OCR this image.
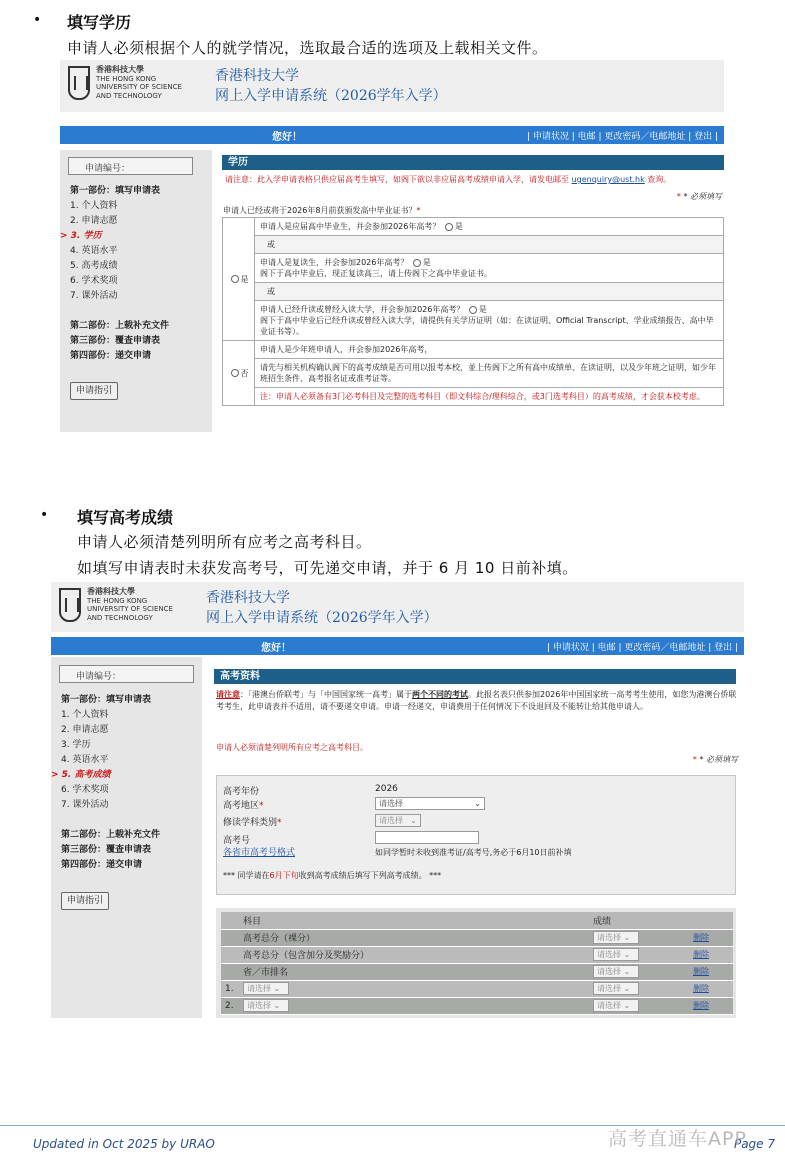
• 填写学历
申请人必须根据个人的就学情况，选取最合适的选项及上载相关文件。
香港科技大學
THE HONG KONG
UNIVERSITY OF SCIENCE
AND TECHNOLOGY
香港科技大学
网上入学申请系统（2026学年入学）
您好！	| 申请状况 | 电邮 | 更改密码／电邮地址 | 登出 |
申请编号：
第一部份：填写申请表
1. 个人资料
2. 申请志愿
> 3. 学历
4. 英语水平
5. 高考成绩
6. 学术奖项
7. 课外活动
第二部份：上载补充文件
第三部份：覆查申请表
第四部份：递交申请
申请指引
学历
请注意：此入学申请表格只供应届高考生填写，如阁下欲以非应届高考成绩申请入学，请发电邮至 ugenquiry@ust.hk 查询。
* * 必须填写
申请人已经或将于2026年8月前获颁发高中毕业证书？*
是	申请人是应届高中毕业生，并会参加2026年高考？ 是
	或
	申请人是复读生，并会参加2026年高考？ 是
阁下于高中毕业后，现正复读高三，请上传阁下之高中毕业证书。
	或
	申请人已经升读或曾经入读大学，并会参加2026年高考？ 是
阁下于高中毕业后已经升读或曾经入读大学，请提供有关学历证明（如：在读证明、Official Transcript、学业成绩报告、高中毕业证书等）。
否	申请人是少年班申请人，并会参加2026年高考，
	请先与相关机构确认阁下的高考成绩是否可用以报考本校，並上传阁下之所有高中成绩单、在读证明，以及少年班之证明，如少年班招生条件、高考报名证或准考证等。
	注：申请人必须备有3门必考科目及完整的选考科目（即文科综合/理科综合，或3门选考科目）的高考成绩，才会获本校考虑。
• 填写高考成绩
申请人必须清楚列明所有应考之高考科目。
如填写申请表时未获发高考号，可先递交申请，并于 6 月 10 日前补填。
香港科技大學
THE HONG KONG
UNIVERSITY OF SCIENCE
AND TECHNOLOGY
香港科技大学
网上入学申请系统（2026学年入学）
您好！	| 申请状况 | 电邮 | 更改密码／电邮地址 | 登出 |
申请编号：
第一部份：填写申请表
1. 个人资料
2. 申请志愿
3. 学历
4. 英语水平
> 5. 高考成绩
6. 学术奖项
7. 课外活动
第二部份：上载补充文件
第三部份：覆查申请表
第四部份：递交申请
申请指引
高考资料
请注意：「港澳台侨联考」与「中国国家统一高考」属于两个不同的考试。此报名表只供参加2026年中国国家统一高考考生使用，如您为港澳台侨联考考生，此申请表并不适用，请不要递交申请。申请一经递交，申请费用于任何情况下不设退回及不能转让给其他申请人。
申请人必须清楚列明所有应考之高考科目。
* * 必须填写
高考年份	2026
高考地区*	请选择	⌄
修读学科类别*	请选择 ⌄
高考号
各省市高考号格式	如同学暂时未收到准考证/高考号,务必于6月10日前补填
*** 同学请在6月下旬收到高考成绩后填写下列高考成绩。 ***
	科目	成绩	
	高考总分（裸分）	请选择 ⌄	删除
	高考总分（包含加分及奖励分）	请选择 ⌄	删除
	省／市排名	请选择 ⌄	删除
1.	请选择 ⌄	请选择 ⌄	删除
2.	请选择 ⌄	请选择 ⌄	删除
Updated in Oct 2025 by URAO	Page 7
高考直通车APP
